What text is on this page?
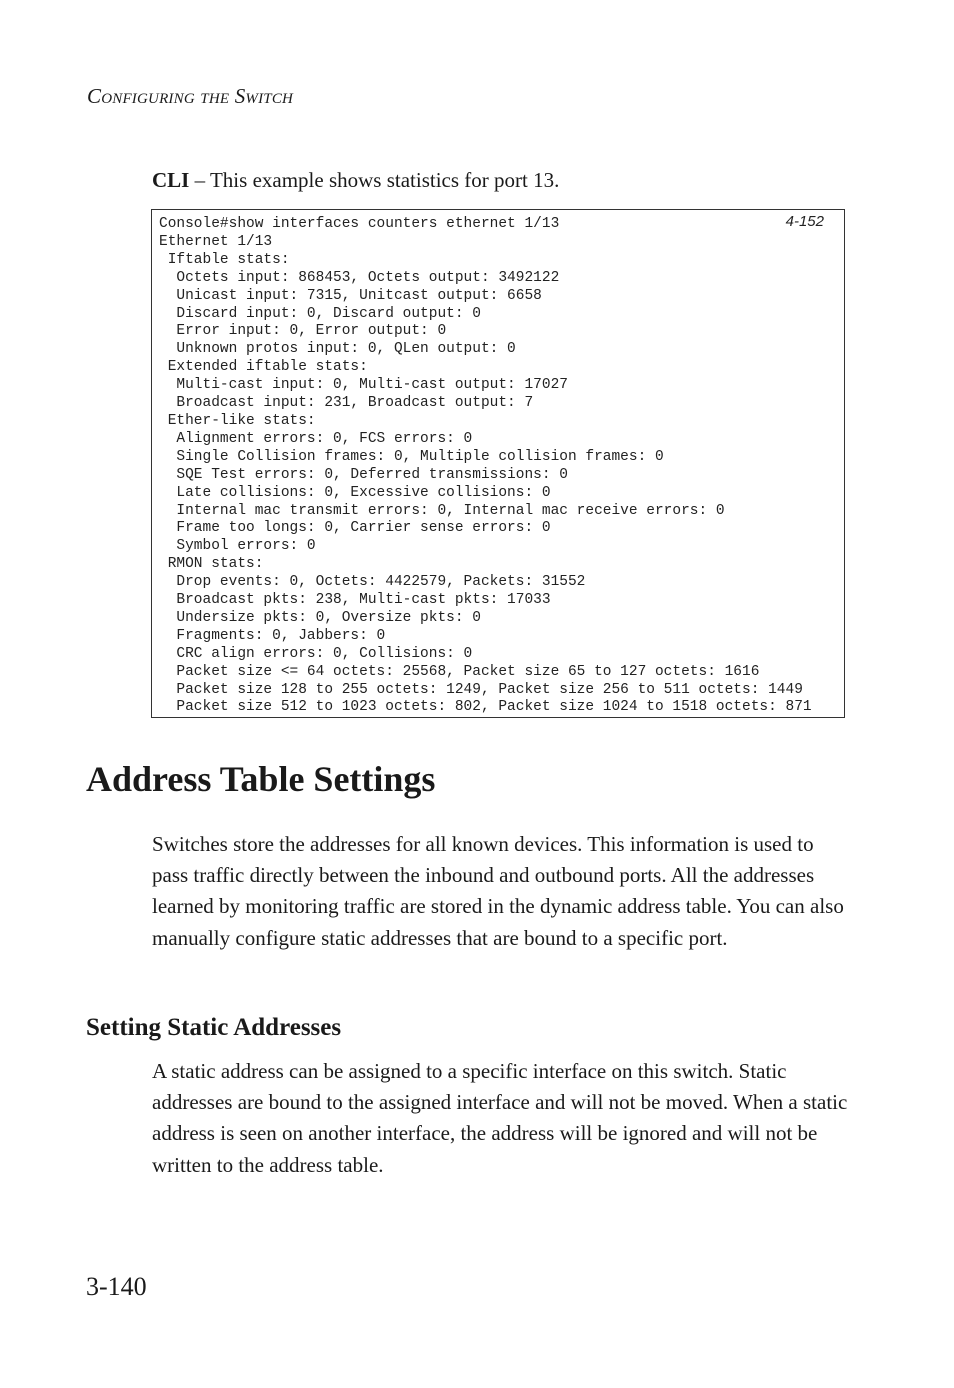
Configuring the Switch
CLI – This example shows statistics for port 13.
Console#show interfaces counters ethernet 1/13
Ethernet 1/13
Iftable stats:
Octets input: 868453, Octets output: 3492122
Unicast input: 7315, Unitcast output: 6658
Discard input: 0, Discard output: 0
Error input: 0, Error output: 0
Unknown protos input: 0, QLen output: 0
Extended iftable stats:
Multi-cast input: 0, Multi-cast output: 17027
Broadcast input: 231, Broadcast output: 7
Ether-like stats:
Alignment errors: 0, FCS errors: 0
Single Collision frames: 0, Multiple collision frames: 0
SQE Test errors: 0, Deferred transmissions: 0
Late collisions: 0, Excessive collisions: 0
Internal mac transmit errors: 0, Internal mac receive errors: 0
Frame too longs: 0, Carrier sense errors: 0
Symbol errors: 0
RMON stats:
Drop events: 0, Octets: 4422579, Packets: 31552
Broadcast pkts: 238, Multi-cast pkts: 17033
Undersize pkts: 0, Oversize pkts: 0
Fragments: 0, Jabbers: 0
CRC align errors: 0, Collisions: 0
Packet size <= 64 octets: 25568, Packet size 65 to 127 octets: 1616
Packet size 128 to 255 octets: 1249, Packet size 256 to 511 octets: 1449
Packet size 512 to 1023 octets: 802, Packet size 1024 to 1518 octets: 871
4-152
Address Table Settings

Switches store the addresses for all known devices. This information is used to pass traffic directly between the inbound and outbound ports. All the addresses learned by monitoring traffic are stored in the dynamic address table. You can also manually configure static addresses that are bound to a specific port.

Setting Static Addresses

A static address can be assigned to a specific interface on this switch. Static addresses are bound to the assigned interface and will not be moved. When a static address is seen on another interface, the address will be ignored and will not be written to the address table.

3-140
